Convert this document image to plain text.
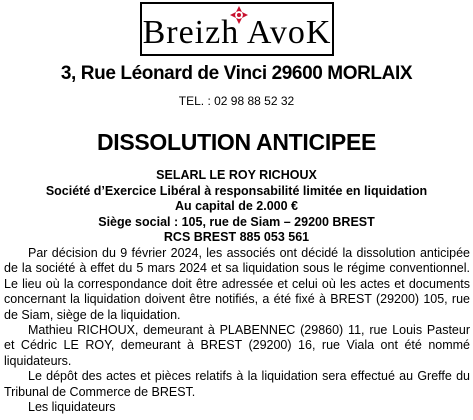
Breizh AvoK
3, Rue Léonard de Vinci 29600 MORLAIX
TEL. : 02 98 88 52 32
DISSOLUTION ANTICIPEE
SELARL LE ROY RICHOUX
Société d’Exercice Libéral à responsabilité limitée en liquidation
Au capital de 2.000 €
Siège social : 105, rue de Siam – 29200 BREST
RCS BREST 885 053 561

Par décision du 9 février 2024, les associés ont décidé la dissolution anticipée de la société à effet du 5 mars 2024 et sa liquidation sous le régime conventionnel. Le lieu où la correspondance doit être adressée et celui où les actes et documents concernant la liquidation doivent être notifiés, a été fixé à BREST (29200) 105, rue de Siam, siège de la liquidation.

Mathieu RICHOUX, demeurant à PLABENNEC (29860) 11, rue Louis Pasteur et Cédric LE ROY, demeurant à BREST (29200) 16, rue Viala ont été nommé liquidateurs.

Le dépôt des actes et pièces relatifs à la liquidation sera effectué au Greffe du Tribunal de Commerce de BREST.

Les liquidateurs
